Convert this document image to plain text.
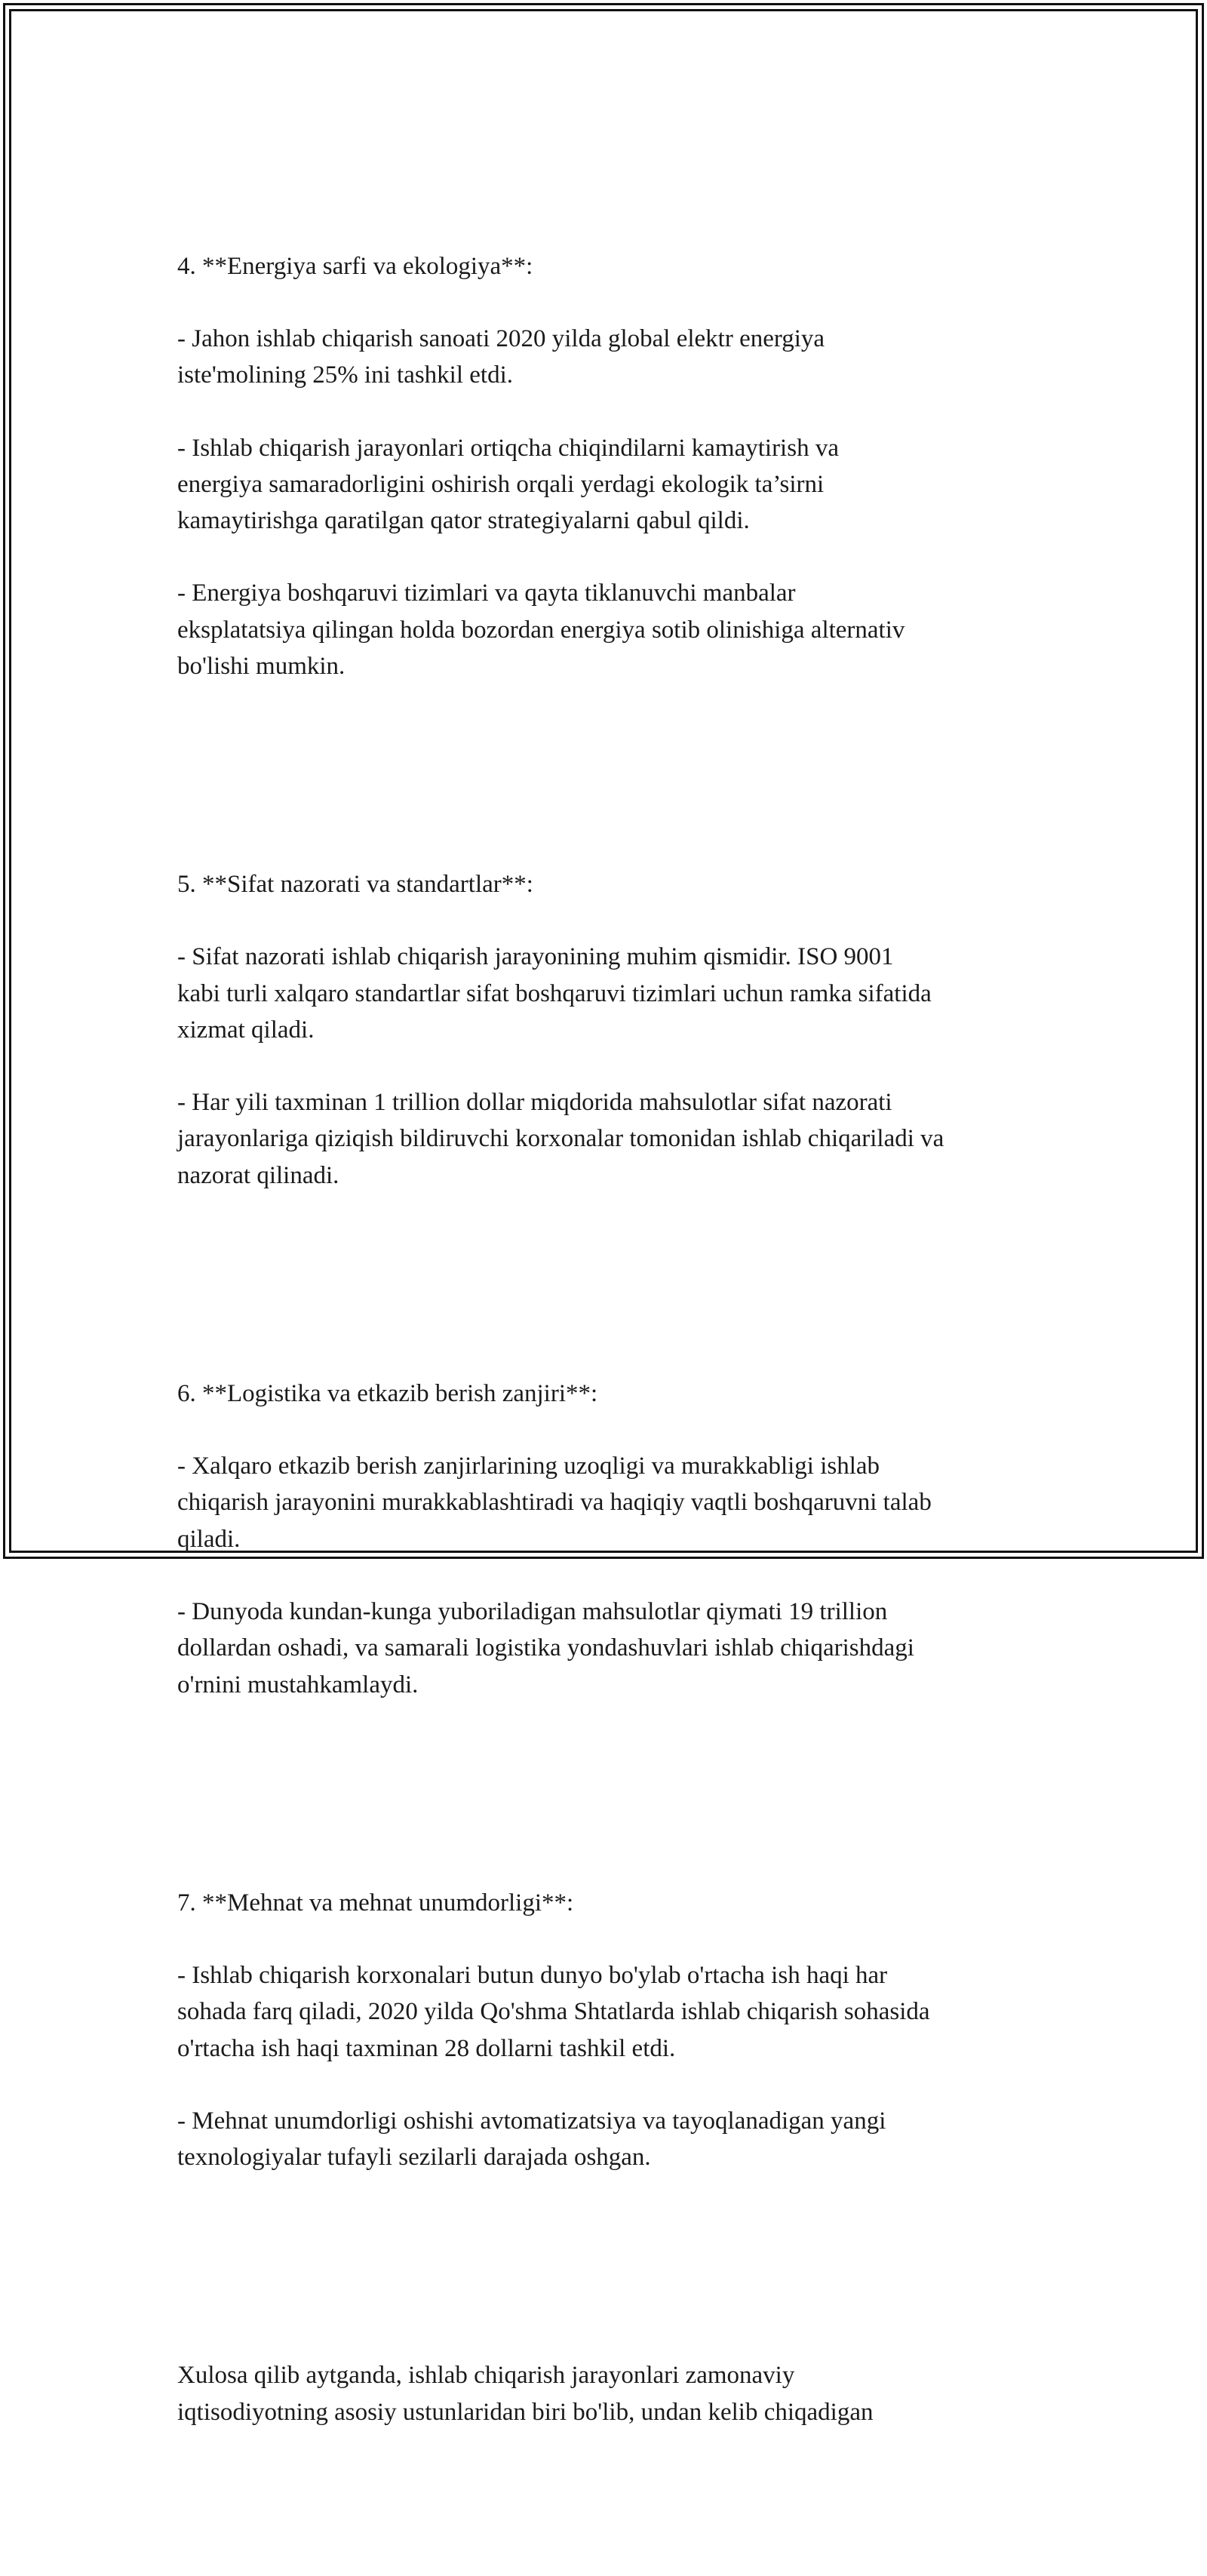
4. **Energiya sarfi va ekologiya**:

- Jahon ishlab chiqarish sanoati 2020 yilda global elektr energiya
iste'molining 25% ini tashkil etdi.

- Ishlab chiqarish jarayonlari ortiqcha chiqindilarni kamaytirish va
energiya samaradorligini oshirish orqali yerdagi ekologik ta’sirni
kamaytirishga qaratilgan qator strategiyalarni qabul qildi.

- Energiya boshqaruvi tizimlari va qayta tiklanuvchi manbalar
eksplatatsiya qilingan holda bozordan energiya sotib olinishiga alternativ
bo'lishi mumkin.

5. **Sifat nazorati va standartlar**:

- Sifat nazorati ishlab chiqarish jarayonining muhim qismidir. ISO 9001
kabi turli xalqaro standartlar sifat boshqaruvi tizimlari uchun ramka sifatida
xizmat qiladi.

- Har yili taxminan 1 trillion dollar miqdorida mahsulotlar sifat nazorati
jarayonlariga qiziqish bildiruvchi korxonalar tomonidan ishlab chiqariladi va
nazorat qilinadi.

6. **Logistika va etkazib berish zanjiri**:

- Xalqaro etkazib berish zanjirlarining uzoqligi va murakkabligi ishlab
chiqarish jarayonini murakkablashtiradi va haqiqiy vaqtli boshqaruvni talab
qiladi.

- Dunyoda kundan-kunga yuboriladigan mahsulotlar qiymati 19 trillion
dollardan oshadi, va samarali logistika yondashuvlari ishlab chiqarishdagi
o'rnini mustahkamlaydi.

7. **Mehnat va mehnat unumdorligi**:

- Ishlab chiqarish korxonalari butun dunyo bo'ylab o'rtacha ish haqi har
sohada farq qiladi, 2020 yilda Qo'shma Shtatlarda ishlab chiqarish sohasida
o'rtacha ish haqi taxminan 28 dollarni tashkil etdi.

- Mehnat unumdorligi oshishi avtomatizatsiya va tayoqlanadigan yangi
texnologiyalar tufayli sezilarli darajada oshgan.

Xulosa qilib aytganda, ishlab chiqarish jarayonlari zamonaviy
iqtisodiyotning asosiy ustunlaridan biri bo'lib, undan kelib chiqadigan
